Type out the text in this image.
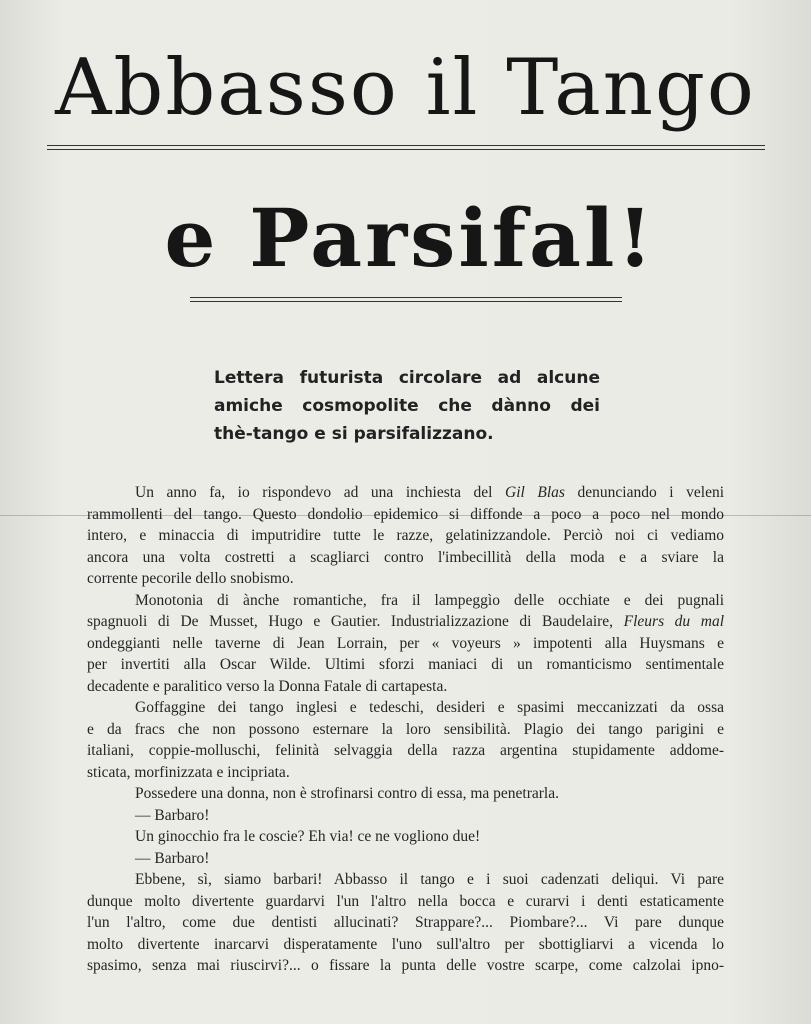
Abbasso il Tango
e Parsifal!
Lettera futurista circolare ad alcune
amiche cosmopolite che dànno dei
thè-tango e si parsifalizzano.
Un anno fa, io rispondevo ad una inchiesta del Gil Blas denunciando i veleni
rammollenti del tango. Questo dondolio epidemico si diffonde a poco a poco nel mondo
intero, e minaccia di imputridire tutte le razze, gelatinizzandole. Perciò noi ci vediamo
ancora una volta costretti a scagliarci contro l'imbecillità della moda e a sviare la
corrente pecorile dello snobismo.
Monotonia di ànche romantiche, fra il lampeggìo delle occhiate e dei pugnali
spagnuoli di De Musset, Hugo e Gautier. Industrializzazione di Baudelaire, Fleurs du mal
ondeggianti nelle taverne di Jean Lorrain, per « voyeurs » impotenti alla Huysmans e
per invertiti alla Oscar Wilde. Ultimi sforzi maniaci di un romanticismo sentimentale
decadente e paralitico verso la Donna Fatale di cartapesta.
Goffaggine dei tango inglesi e tedeschi, desideri e spasimi meccanizzati da ossa
e da fracs che non possono esternare la loro sensibilità. Plagio dei tango parigini e
italiani, coppie-molluschi, felinità selvaggia della razza argentina stupidamente addome-
sticata, morfinizzata e incipriata.
Possedere una donna, non è strofinarsi contro di essa, ma penetrarla.
— Barbaro!
Un ginocchio fra le coscie? Eh via! ce ne vogliono due!
— Barbaro!
Ebbene, sì, siamo barbari! Abbasso il tango e i suoi cadenzati deliqui. Vi pare
dunque molto divertente guardarvi l'un l'altro nella bocca e curarvi i denti estaticamente
l'un l'altro, come due dentisti allucinati? Strappare?... Piombare?... Vi pare dunque
molto divertente inarcarvi disperatamente l'uno sull'altro per sbottigliarvi a vicenda lo
spasimo, senza mai riuscirvi?... o fissare la punta delle vostre scarpe, come calzolai ipno-
